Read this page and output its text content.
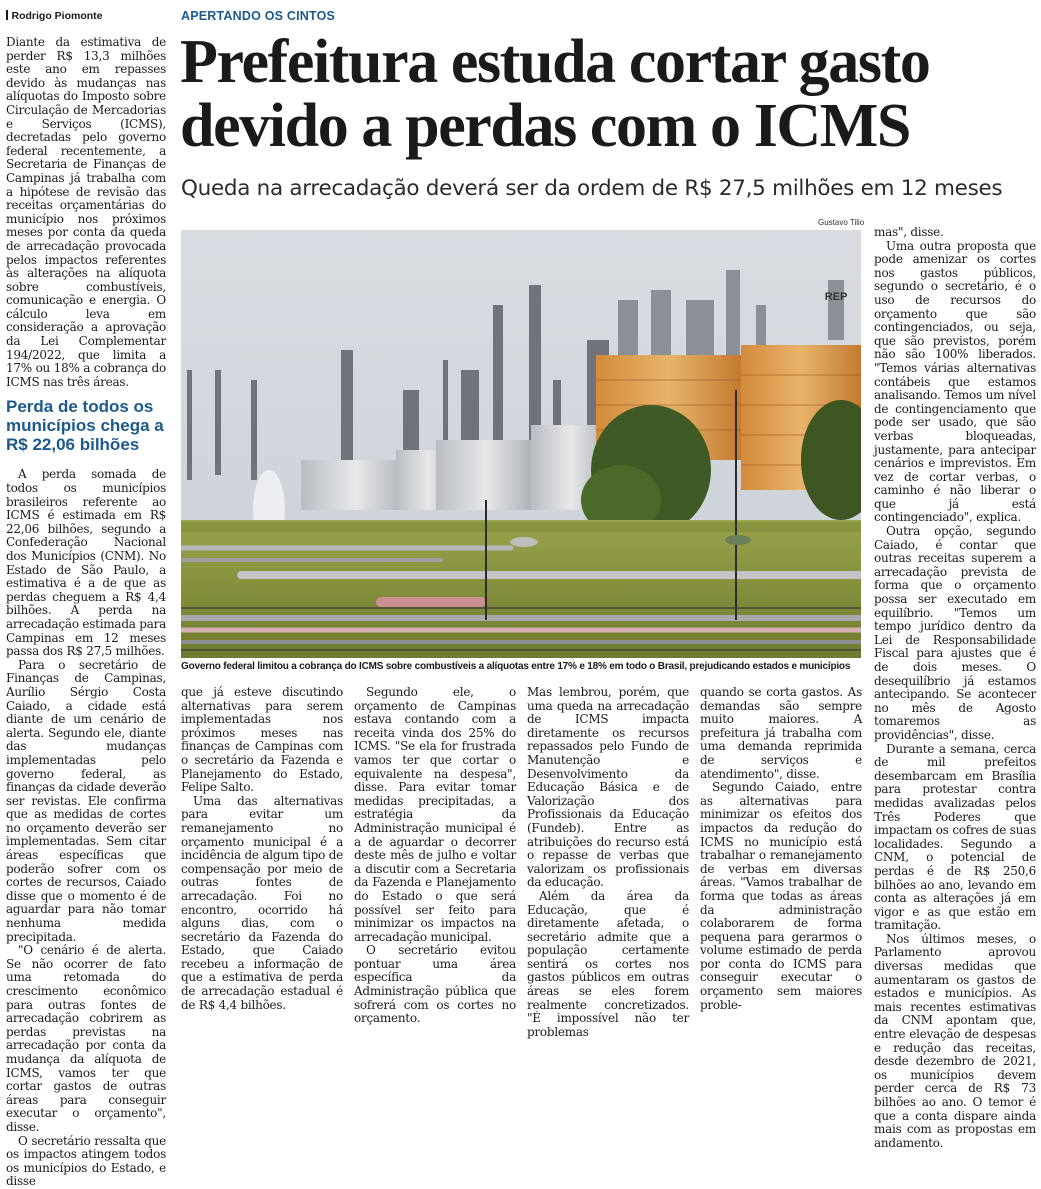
Rodrigo Piomonte	APERTANDO OS CINTOS
Prefeitura estuda cortar gasto
devido a perdas com o ICMS
Queda na arrecadação deverá ser da ordem de R$ 27,5 milhões em 12 meses
Gustavo Tilio
REP
Governo federal limitou a cobrança do ICMS sobre combustíveis a alíquotas entre 17% e 18% em todo o Brasil, prejudicando estados e municípios

Diante da estimativa de perder R$ 13,3 milhões este ano em repasses devido às mudanças nas alíquotas do Imposto sobre Circulação de Mercadorias e Serviços (ICMS), decretadas pelo governo federal recentemente, a Secretaria de Finanças de Campinas já trabalha com a hipótese de revisão das receitas orçamentárias do município nos próximos meses por conta da queda de arrecadação provocada pelos impactos referentes às alterações na alíquota sobre combustíveis, comunicação e energia. O cálculo leva em consideração a aprovação da Lei Complementar 194/2022, que limita a 17% ou 18% a cobrança do ICMS nas três áreas.

Perda de todos os municípios chega a R$ 22,06 bilhões

A perda somada de todos os municípios brasileiros referente ao ICMS é estimada em R$ 22,06 bilhões, segundo a Confederação Nacional dos Municípios (CNM). No Estado de São Paulo, a estimativa é a de que as perdas cheguem a R$ 4,4 bilhões. A perda na arrecadação estimada para Campinas em 12 meses passa dos R$ 27,5 milhões.

Para o secretário de Finanças de Campinas, Aurílio Sérgio Costa Caiado, a cidade está diante de um cenário de alerta. Segundo ele, diante das mudanças implementadas pelo governo federal, as finanças da cidade deverão ser revistas. Ele confirma que as medidas de cortes no orçamento deverão ser implementadas. Sem citar áreas específicas que poderão sofrer com os cortes de recursos, Caiado disse que o momento é de aguardar para não tomar nenhuma medida precipitada.

"O cenário é de alerta. Se não ocorrer de fato uma retomada do crescimento econômico para outras fontes de arrecadação cobrirem as perdas previstas na arrecadação por conta da mudança da alíquota de ICMS, vamos ter que cortar gastos de outras áreas para conseguir executar o orçamento", disse.

O secretário ressalta que os impactos atingem todos os municípios do Estado, e disse

que já esteve discutindo alternativas para serem implementadas nos próximos meses nas finanças de Campinas com o secretário da Fazenda e Planejamento do Estado, Felipe Salto.

Uma das alternativas para evitar um remanejamento no orçamento municipal é a incidência de algum tipo de compensação por meio de outras fontes de arrecadação. Foi no encontro, ocorrido há alguns dias, com o secretário da Fazenda do Estado, que Caiado recebeu a informação de que a estimativa de perda de arrecadação estadual é de R$ 4,4 bilhões.

Segundo ele, o orçamento de Campinas estava contando com a receita vinda dos 25% do ICMS. "Se ela for frustrada vamos ter que cortar o equivalente na despesa", disse. Para evitar tomar medidas precipitadas, a estratégia da Administração municipal é a de aguardar o decorrer deste mês de julho e voltar a discutir com a Secretaria da Fazenda e Planejamento do Estado o que será possível ser feito para minimizar os impactos na arrecadação municipal.

O secretário evitou pontuar uma área específica da Administração pública que sofrerá com os cortes no orçamento.

Mas lembrou, porém, que uma queda na arrecadação de ICMS impacta diretamente os recursos repassados pelo Fundo de Manutenção e Desenvolvimento da Educação Básica e de Valorização dos Profissionais da Educação (Fundeb). Entre as atribuições do recurso está o repasse de verbas que valorizam os profissionais da educação.

Além da área da Educação, que é diretamente afetada, o secretário admite que a população certamente sentirá os cortes nos gastos públicos em outras áreas se eles forem realmente concretizados. "É impossível não ter problemas

quando se corta gastos. As demandas são sempre muito maiores. A prefeitura já trabalha com uma demanda reprimida de serviços e atendimento", disse.

Segundo Caiado, entre as alternativas para minimizar os efeitos dos impactos da redução do ICMS no município está trabalhar o remanejamento de verbas em diversas áreas. "Vamos trabalhar de forma que todas as áreas da administração colaborarem de forma pequena para gerarmos o volume estimado de perda por conta do ICMS para conseguir executar o orçamento sem maiores proble-

mas", disse.

Uma outra proposta que pode amenizar os cortes nos gastos públicos, segundo o secretário, é o uso de recursos do orçamento que são contingenciados, ou seja, que são previstos, porém não são 100% liberados. "Temos várias alternativas contábeis que estamos analisando. Temos um nível de contingenciamento que pode ser usado, que são verbas bloqueadas, justamente, para antecipar cenários e imprevistos. Em vez de cortar verbas, o caminho é não liberar o que já está contingenciado", explica.

Outra opção, segundo Caiado, é contar que outras receitas superem a arrecadação prevista de forma que o orçamento possa ser executado em equilíbrio. "Temos um tempo jurídico dentro da Lei de Responsabilidade Fiscal para ajustes que é de dois meses. O desequilíbrio já estamos antecipando. Se acontecer no mês de Agosto tomaremos as providências", disse.

Durante a semana, cerca de mil prefeitos desembarcam em Brasília para protestar contra medidas avalizadas pelos Três Poderes que impactam os cofres de suas localidades. Segundo a CNM, o potencial de perdas é de R$ 250,6 bilhões ao ano, levando em conta as alterações já em vigor e as que estão em tramitação.

Nos últimos meses, o Parlamento aprovou diversas medidas que aumentaram os gastos de estados e municípios. As mais recentes estimativas da CNM apontam que, entre elevação de despesas e redução das receitas, desde dezembro de 2021, os municípios devem perder cerca de R$ 73 bilhões ao ano. O temor é que a conta dispare ainda mais com as propostas em andamento.
